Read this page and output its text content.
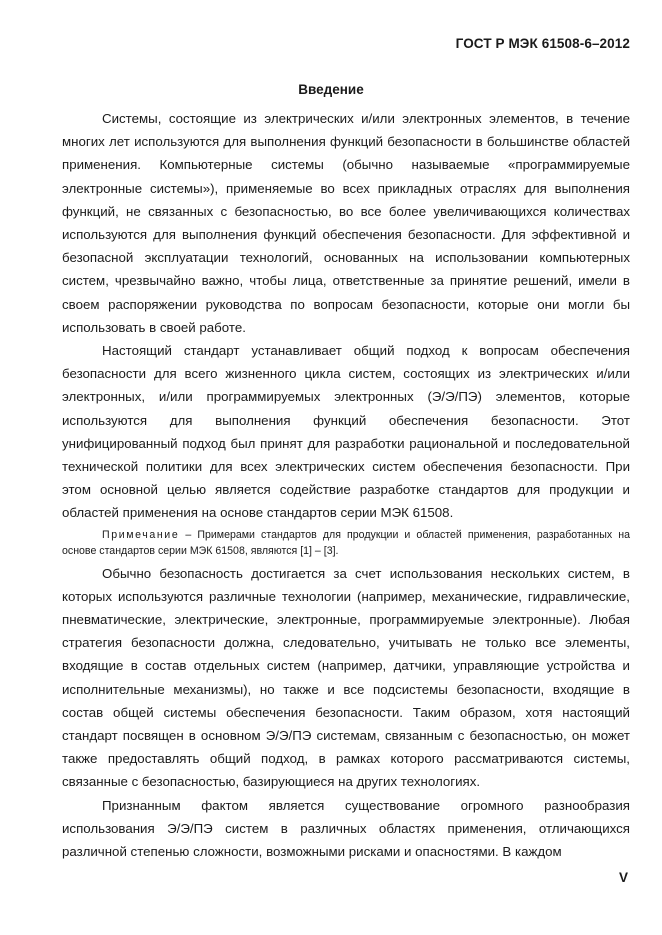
ГОСТ Р МЭК 61508-6–2012
Введение

Системы, состоящие из электрических и/или электронных элементов, в течение многих лет используются для выполнения функций безопасности в большинстве областей применения. Компьютерные системы (обычно называемые «программируемые электронные системы»), применяемые во всех прикладных отраслях для выполнения функций, не связанных с безопасностью, во все более увеличивающихся количествах используются для выполнения функций обеспечения безопасности. Для эффективной и безопасной эксплуатации технологий, основанных на использовании компьютерных систем, чрезвычайно важно, чтобы лица, ответственные за принятие решений, имели в своем распоряжении руководства по вопросам безопасности, которые они могли бы использовать в своей работе.

Настоящий стандарт устанавливает общий подход к вопросам обеспечения безопасности для всего жизненного цикла систем, состоящих из электрических и/или электронных, и/или программируемых электронных (Э/Э/ПЭ) элементов, которые используются для выполнения функций обеспечения безопасности. Этот унифицированный подход был принят для разработки рациональной и последовательной технической политики для всех электрических систем обеспечения безопасности. При этом основной целью является содействие разработке стандартов для продукции и областей применения на основе стандартов серии МЭК 61508.

Примечание – Примерами стандартов для продукции и областей применения, разработанных на основе стандартов серии МЭК 61508, являются [1] – [3].

Обычно безопасность достигается за счет использования нескольких систем, в которых используются различные технологии (например, механические, гидравлические, пневматические, электрические, электронные, программируемые электронные). Любая стратегия безопасности должна, следовательно, учитывать не только все элементы, входящие в состав отдельных систем (например, датчики, управляющие устройства и исполнительные механизмы), но также и все подсистемы безопасности, входящие в состав общей системы обеспечения безопасности. Таким образом, хотя настоящий стандарт посвящен в основном Э/Э/ПЭ системам, связанным с безопасностью, он может также предоставлять общий подход, в рамках которого рассматриваются системы, связанные с безопасностью, базирующиеся на других технологиях.

Признанным фактом является существование огромного разнообразия использования Э/Э/ПЭ систем в различных областях применения, отличающихся различной степенью сложности, возможными рисками и опасностями. В каждом

V
